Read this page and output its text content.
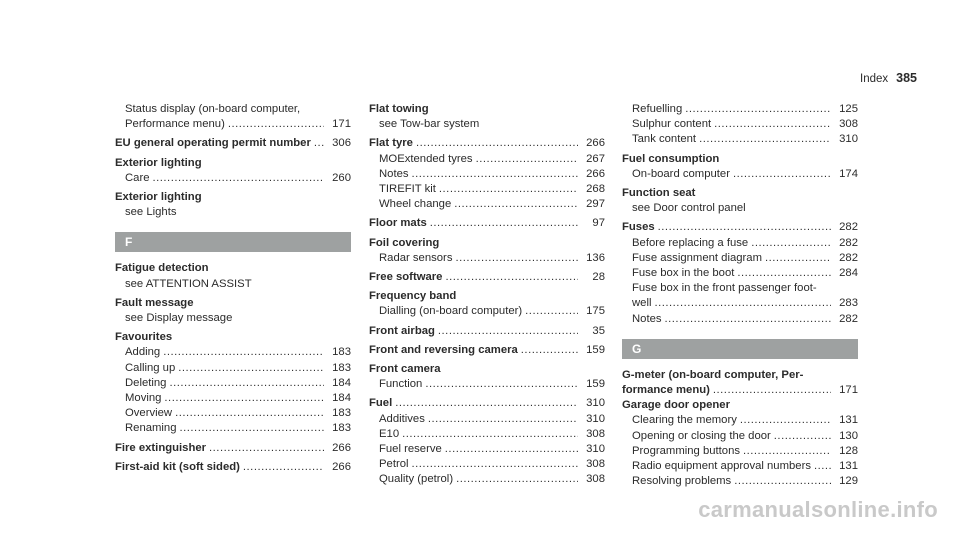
Index 385
Status display (on-board computer,
Performance menu) .....	171
EU general operating permit number .....	306
Exterior lighting
Care .....	260
Exterior lighting
see Lights
F
Fatigue detection
see ATTENTION ASSIST
Fault message
see Display message
Favourites
Adding .....	183
Calling up .....	183
Deleting .....	184
Moving .....	184
Overview .....	183
Renaming .....	183
Fire extinguisher .....	266
First-aid kit (soft sided) .....	266
Flat towing
see Tow-bar system
Flat tyre .....	266
MOExtended tyres .....	267
Notes .....	266
TIREFIT kit .....	268
Wheel change .....	297
Floor mats .....	97
Foil covering
Radar sensors .....	136
Free software .....	28
Frequency band
Dialling (on-board computer) .....	175
Front airbag .....	35
Front and reversing camera .....	159
Front camera
Function .....	159
Fuel .....	310
Additives .....	310
E10 .....	308
Fuel reserve .....	310
Petrol .....	308
Quality (petrol) .....	308
Refuelling .....	125
Sulphur content .....	308
Tank content .....	310
Fuel consumption
On-board computer .....	174
Function seat
see Door control panel
Fuses .....	282
Before replacing a fuse .....	282
Fuse assignment diagram .....	282
Fuse box in the boot .....	284
Fuse box in the front passenger foot-
well .....	283
Notes .....	282
G
G-meter (on-board computer, Per-
formance menu) .....	171
Garage door opener
Clearing the memory .....	131
Opening or closing the door .....	130
Programming buttons .....	128
Radio equipment approval numbers .....	131
Resolving problems .....	129
carmanualsonline.info
